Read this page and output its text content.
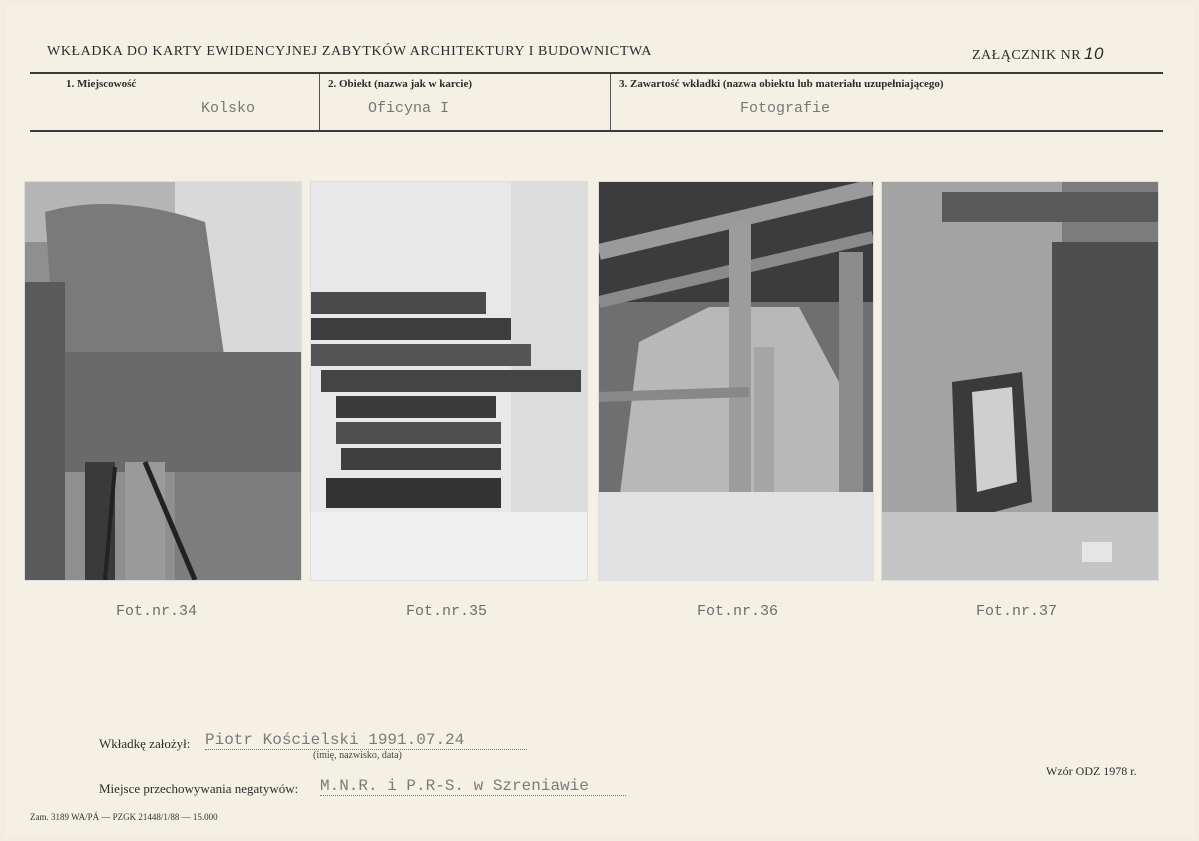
WKŁADKA DO KARTY EWIDENCYJNEJ ZABYTKÓW ARCHITEKTURY I BUDOWNICTWA	ZAŁĄCZNIK NR 10
1. Miejscowość
Kolsko
2. Obiekt (nazwa jak w karcie)
Oficyna I
3. Zawartość wkładki (nazwa obiektu lub materiału uzupełniającego)
Fotografie
Fot.nr.34	Fot.nr.35	Fot.nr.36	Fot.nr.37
Wkładkę założył: Piotr Kościelski 1991.07.24
(imię, nazwisko, data)
Miejsce przechowywania negatywów: M.N.R. i P.R-S. w Szreniawie
Wzór ODZ 1978 r.
Zam. 3189 WA/PÁ — PZGK 21448/1/88 — 15.000
